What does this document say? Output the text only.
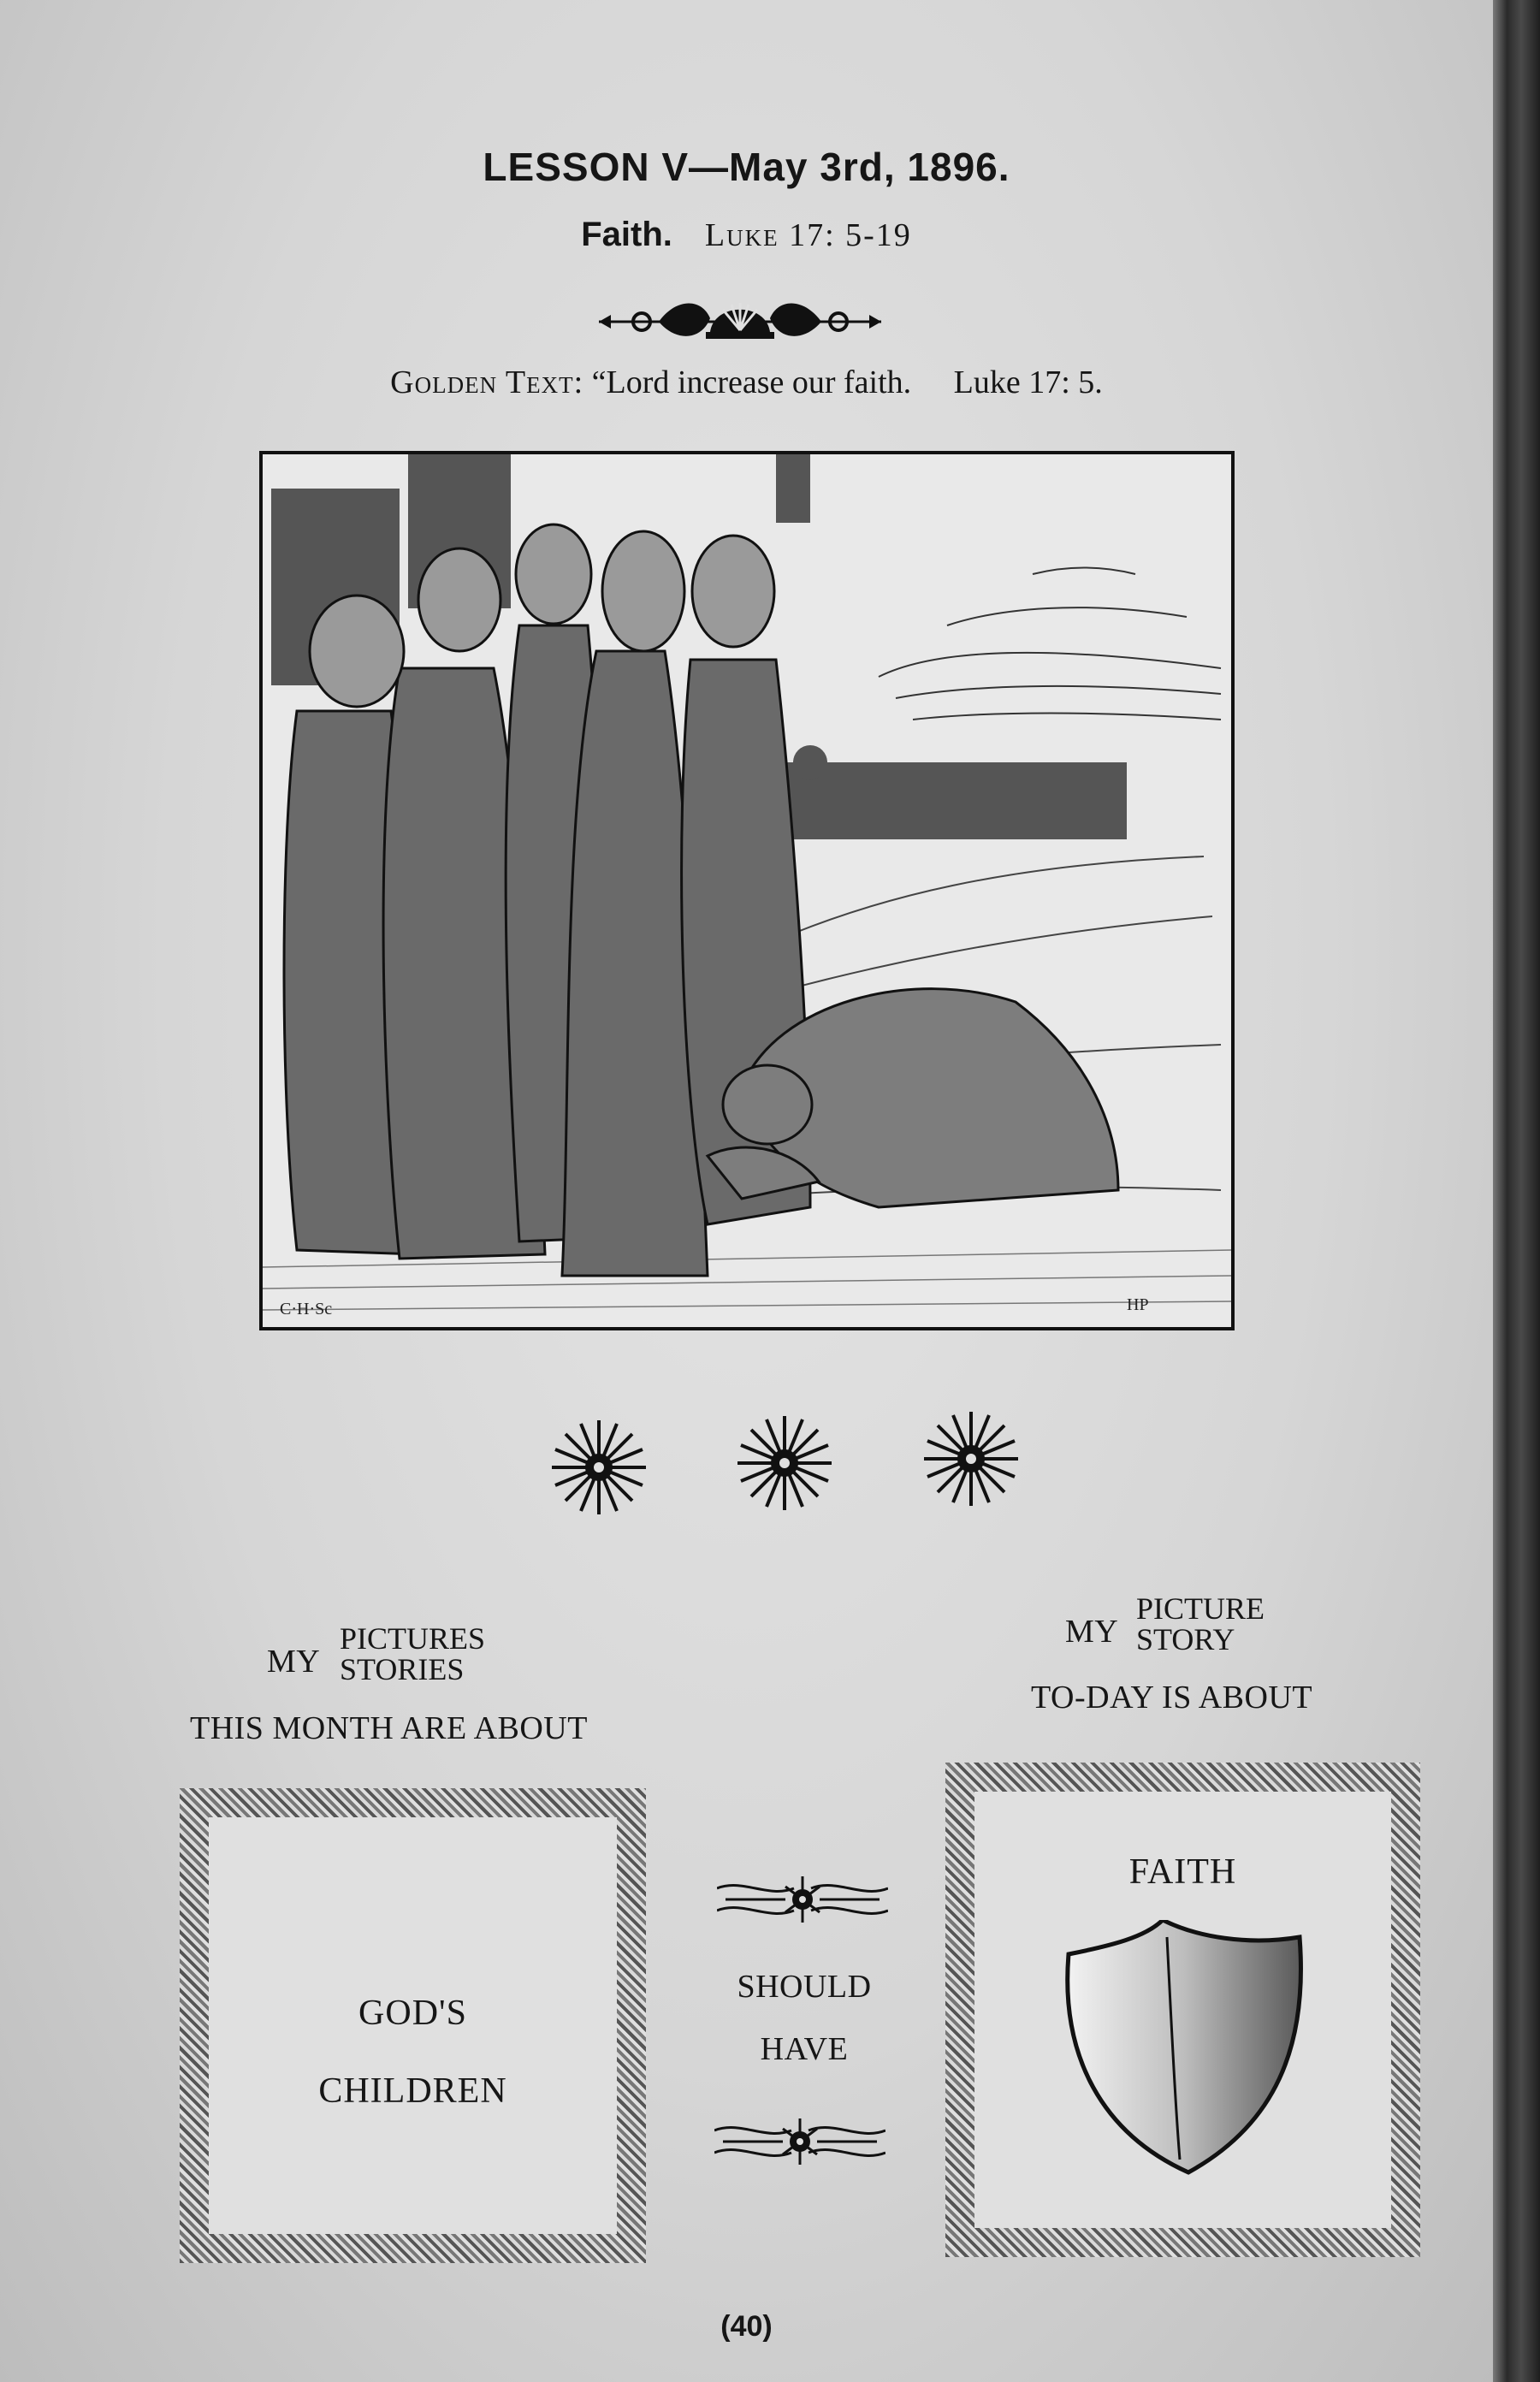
LESSON V—May 3rd, 1896.
Faith. Luke 17: 5-19
Golden Text: “Lord increase our faith. Luke 17: 5.
C·H·Sc	HP
MY
PICTURES
STORIES
THIS MONTH ARE ABOUT
MY
PICTURE
STORY
TO-DAY IS ABOUT
GOD'S
CHILDREN
SHOULD
HAVE
FAITH
(40)
